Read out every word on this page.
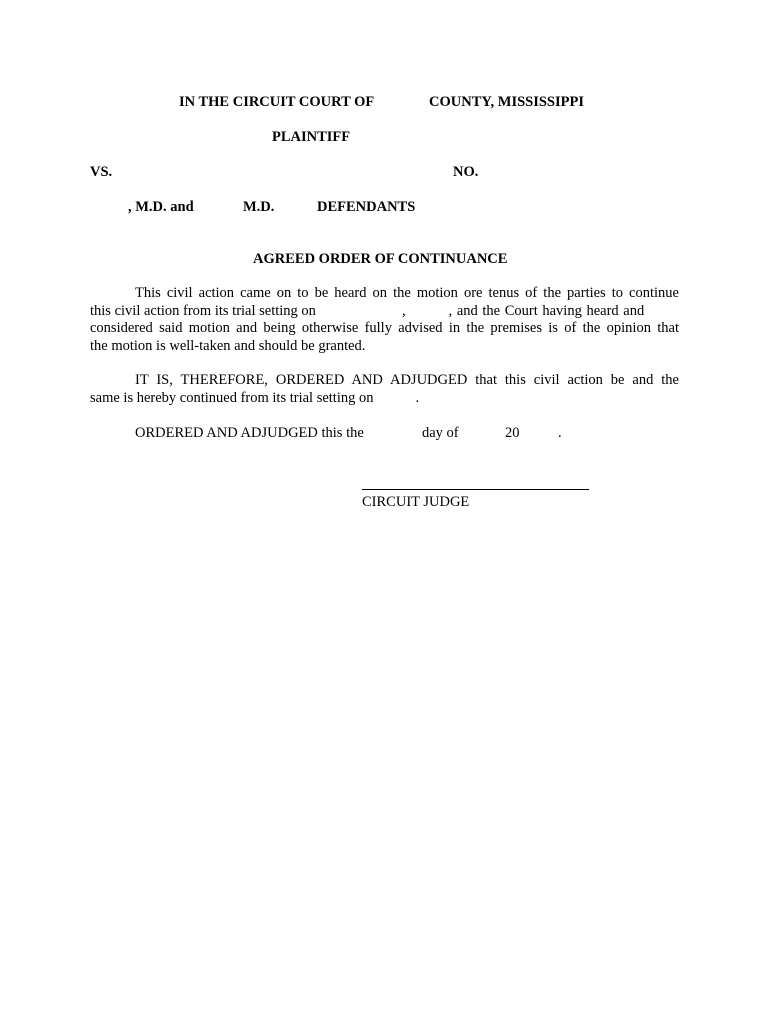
IN THE CIRCUIT COURT OF	COUNTY, MISSISSIPPI
PLAINTIFF
VS.	NO.
, M.D. and	M.D.	DEFENDANTS
AGREED ORDER OF CONTINUANCE
This civil action came on to be heard on the motion ore tenus of the parties to continue
this civil action from its trial setting on	,	, and the Court having heard and
considered said motion and being otherwise fully advised in the premises is of the opinion that
the motion is well-taken and should be granted.
IT IS, THEREFORE, ORDERED AND ADJUDGED that this civil action be and the
same is hereby continued from its trial setting on	.
ORDERED AND ADJUDGED this the	day of	20	.
CIRCUIT JUDGE
